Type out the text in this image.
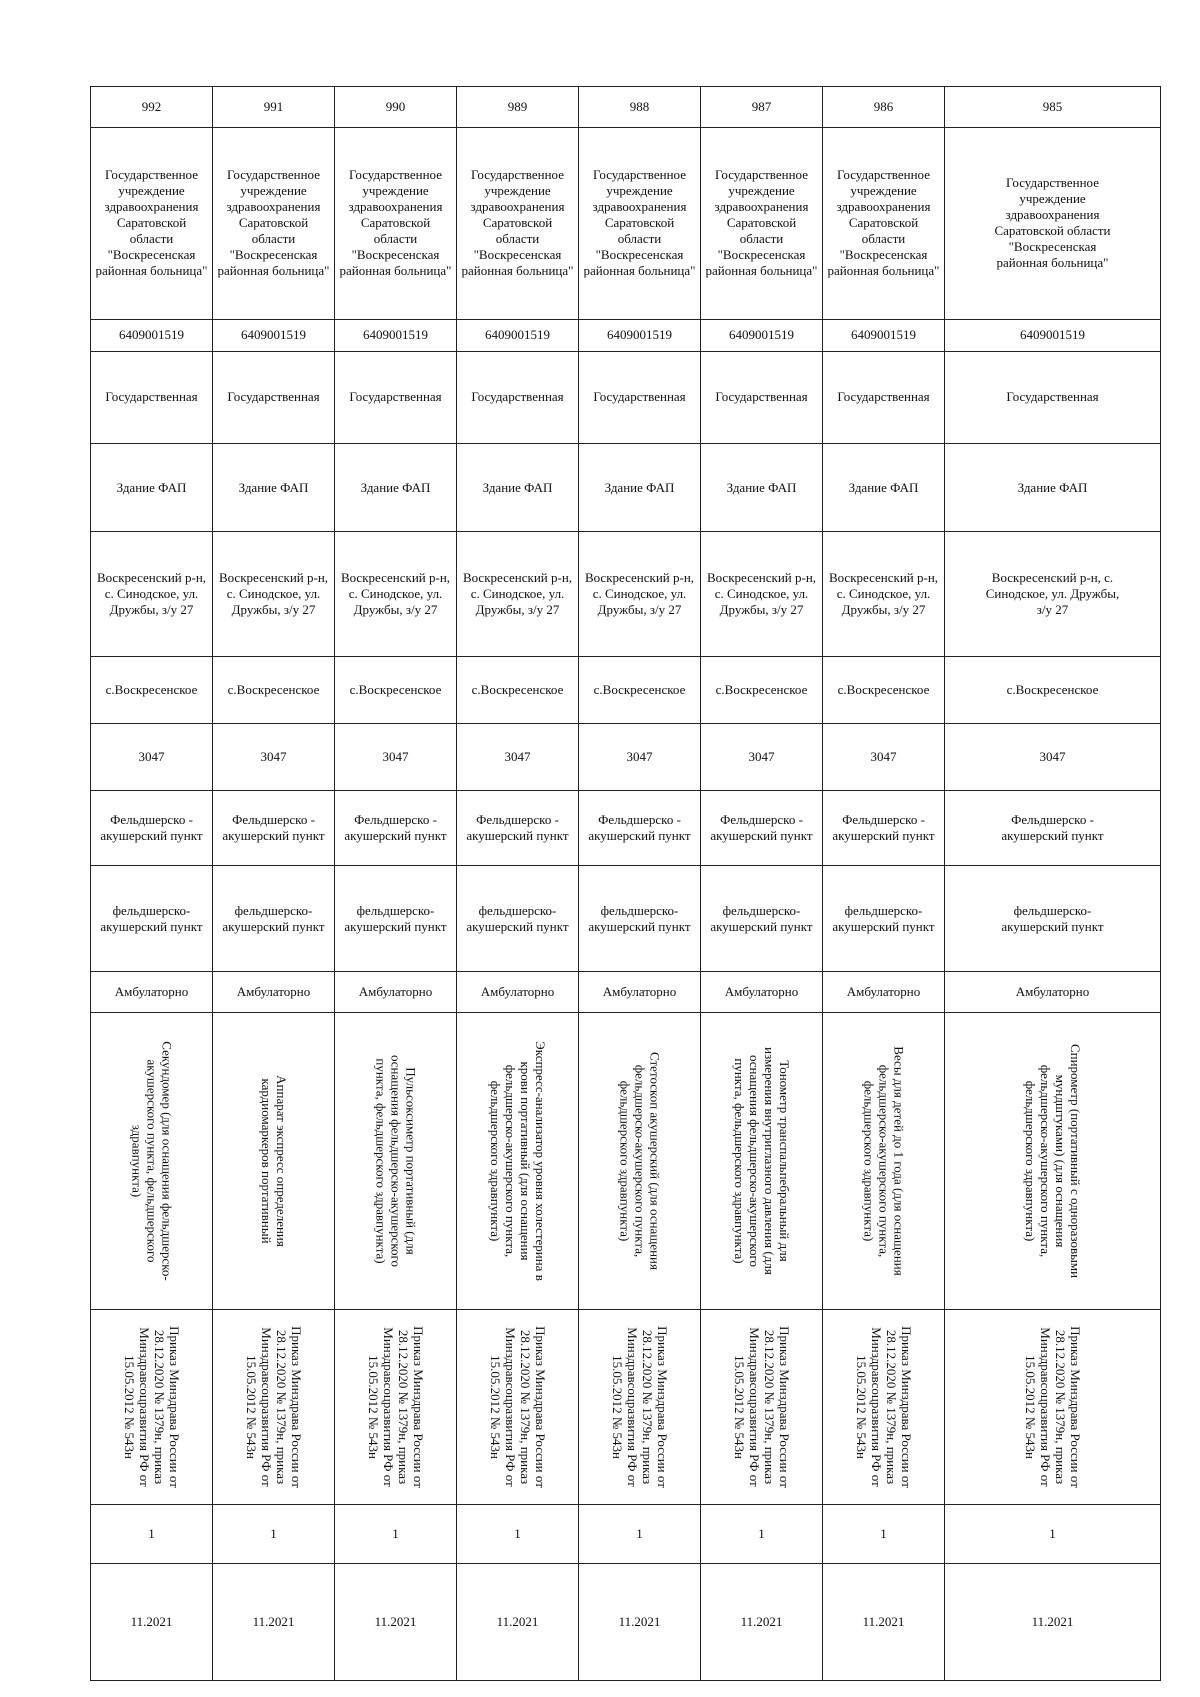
992	991	990	989	988	987	986	985
Государственное учреждение здравоохранения Саратовской области "Воскресенская районная больница"	Государственное учреждение здравоохранения Саратовской области "Воскресенская районная больница"	Государственное учреждение здравоохранения Саратовской области "Воскресенская районная больница"	Государственное учреждение здравоохранения Саратовской области "Воскресенская районная больница"	Государственное учреждение здравоохранения Саратовской области "Воскресенская районная больница"	Государственное учреждение здравоохранения Саратовской области "Воскресенская районная больница"	Государственное учреждение здравоохранения Саратовской области "Воскресенская районная больница"	Государственное учреждение здравоохранения Саратовской области "Воскресенская районная больница"
6409001519	6409001519	6409001519	6409001519	6409001519	6409001519	6409001519	6409001519
Государственная	Государственная	Государственная	Государственная	Государственная	Государственная	Государственная	Государственная
Здание ФАП	Здание ФАП	Здание ФАП	Здание ФАП	Здание ФАП	Здание ФАП	Здание ФАП	Здание ФАП
Воскресенский р-н, с. Синодское, ул. Дружбы, з/у 27	Воскресенский р-н, с. Синодское, ул. Дружбы, з/у 27	Воскресенский р-н, с. Синодское, ул. Дружбы, з/у 27	Воскресенский р-н, с. Синодское, ул. Дружбы, з/у 27	Воскресенский р-н, с. Синодское, ул. Дружбы, з/у 27	Воскресенский р-н, с. Синодское, ул. Дружбы, з/у 27	Воскресенский р-н, с. Синодское, ул. Дружбы, з/у 27	Воскресенский р-н, с. Синодское, ул. Дружбы, з/у 27
с.Воскресенское	с.Воскресенское	с.Воскресенское	с.Воскресенское	с.Воскресенское	с.Воскресенское	с.Воскресенское	с.Воскресенское
3047	3047	3047	3047	3047	3047	3047	3047
Фельдшерско - акушерский пункт	Фельдшерско - акушерский пункт	Фельдшерско - акушерский пункт	Фельдшерско - акушерский пункт	Фельдшерско - акушерский пункт	Фельдшерско - акушерский пункт	Фельдшерско - акушерский пункт	Фельдшерско - акушерский пункт
фельдшерско-акушерский пункт	фельдшерско-акушерский пункт	фельдшерско-акушерский пункт	фельдшерско-акушерский пункт	фельдшерско-акушерский пункт	фельдшерско-акушерский пункт	фельдшерско-акушерский пункт	фельдшерско-акушерский пункт
Амбулаторно	Амбулаторно	Амбулаторно	Амбулаторно	Амбулаторно	Амбулаторно	Амбулаторно	Амбулаторно

Секундомер (для оснащения фельдшерско-акушерского пункта, фельдшерского здравпункта)	Аппарат экспресс определения кардиомаркеров портативный	Пульсоксиметр портативный (для оснащения фельдшерско-акушерского пункта, фельдшерского здравпункта)	Экспресс-анализатор уровня холестерина в крови портативный (для оснащения фельдшерско-акушерского пункта, фельдшерского здравпункта)	Стетоскоп акушерский (для оснащения фельдшерско-акушерского пункта, фельдшерского здравпункта)	Тонометр транспальпебральный для измерения внутриглазного давления (для оснащения фельдшерско-акушерского пункта, фельдшерского здравпункта)	Весы для детей до 1 года (для оснащения фельдшерско-акушерского пункта, фельдшерского здравпункта)	Спирометр (портативный с одноразовыми мундштуками) (для оснащения фельдшерско-акушерского пункта, фельдшерского здравпункта)

Приказ Минздрава России от 28.12.2020 № 1379н, приказ Минздравсоцразвития РФ от 15.05.2012 № 543н	Приказ Минздрава России от 28.12.2020 № 1379н, приказ Минздравсоцразвития РФ от 15.05.2012 № 543н	Приказ Минздрава России от 28.12.2020 № 1379н, приказ Минздравсоцразвития РФ от 15.05.2012 № 543н	Приказ Минздрава России от 28.12.2020 № 1379н, приказ Минздравсоцразвития РФ от 15.05.2012 № 543н	Приказ Минздрава России от 28.12.2020 № 1379н, приказ Минздравсоцразвития РФ от 15.05.2012 № 543н	Приказ Минздрава России от 28.12.2020 № 1379н, приказ Минздравсоцразвития РФ от 15.05.2012 № 543н	Приказ Минздрава России от 28.12.2020 № 1379н, приказ Минздравсоцразвития РФ от 15.05.2012 № 543н	Приказ Минздрава России от 28.12.2020 № 1379н, приказ Минздравсоцразвития РФ от 15.05.2012 № 543н

1	1	1	1	1	1	1	1
11.2021	11.2021	11.2021	11.2021	11.2021	11.2021	11.2021	11.2021
